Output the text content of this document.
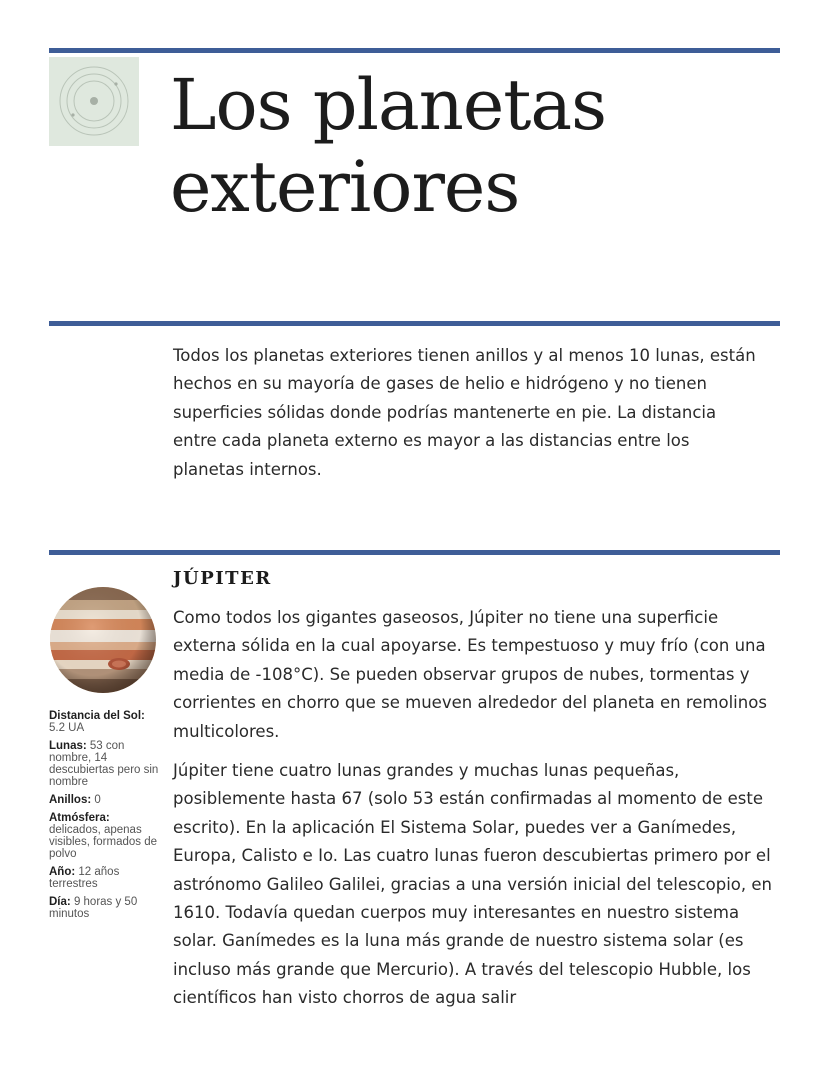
Los planetas
exteriores

Todos los planetas exteriores tienen anillos y al menos 10 lunas, están hechos en su mayoría de gases de helio e hidrógeno y no tienen superficies sólidas donde podrías mantenerte en pie. La distancia entre cada planeta externo es mayor a las distancias entre los planetas internos.

JÚPITER
Distancia del Sol:
5.2 UA
Lunas: 53 con nombre, 14 descubiertas pero sin nombre
Anillos: 0
Atmósfera: delicados, apenas visibles, formados de polvo
Año: 12 años terrestres
Día: 9 horas y 50 minutos

Como todos los gigantes gaseosos, Júpiter no tiene una superficie externa sólida en la cual apoyarse. Es tempestuoso y muy frío (con una media de -108°C). Se pueden observar grupos de nubes, tormentas y corrientes en chorro que se mueven alrededor del planeta en remolinos multicolores.

Júpiter tiene cuatro lunas grandes y muchas lunas pequeñas, posiblemente hasta 67 (solo 53 están confirmadas al momento de este escrito). En la aplicación El Sistema Solar, puedes ver a Ganímedes, Europa, Calisto e Io. Las cuatro lunas fueron descubiertas primero por el astrónomo Galileo Galilei, gracias a una versión inicial del telescopio, en 1610. Todavía quedan cuerpos muy interesantes en nuestro sistema solar. Ganímedes es la luna más grande de nuestro sistema solar (es incluso más grande que Mercurio). A través del telescopio Hubble, los científicos han visto chorros de agua salir
